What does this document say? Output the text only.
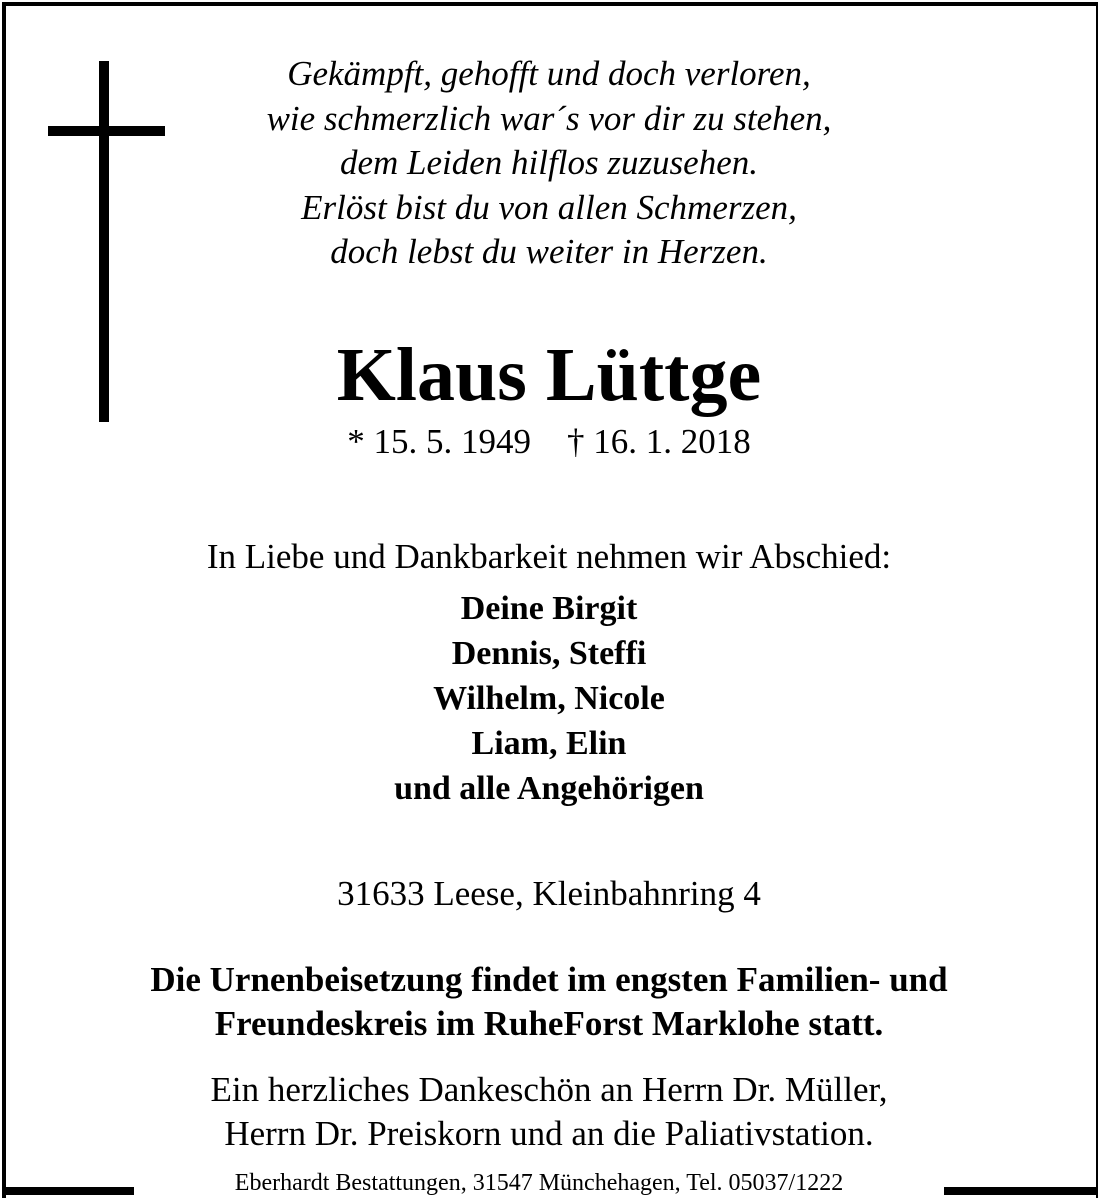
Gekämpft, gehofft und doch verloren,
wie schmerzlich war´s vor dir zu stehen,
dem Leiden hilflos zuzusehen.
Erlöst bist du von allen Schmerzen,
doch lebst du weiter in Herzen.
Klaus Lüttge
* 15. 5. 1949 † 16. 1. 2018
In Liebe und Dankbarkeit nehmen wir Abschied:
Deine Birgit
Dennis, Steffi
Wilhelm, Nicole
Liam, Elin
und alle Angehörigen
31633 Leese, Kleinbahnring 4
Die Urnenbeisetzung findet im engsten Familien- und
Freundeskreis im RuheForst Marklohe statt.
Ein herzliches Dankeschön an Herrn Dr. Müller,
Herrn Dr. Preiskorn und an die Paliativstation.
Eberhardt Bestattungen, 31547 Münchehagen, Tel. 05037/1222
